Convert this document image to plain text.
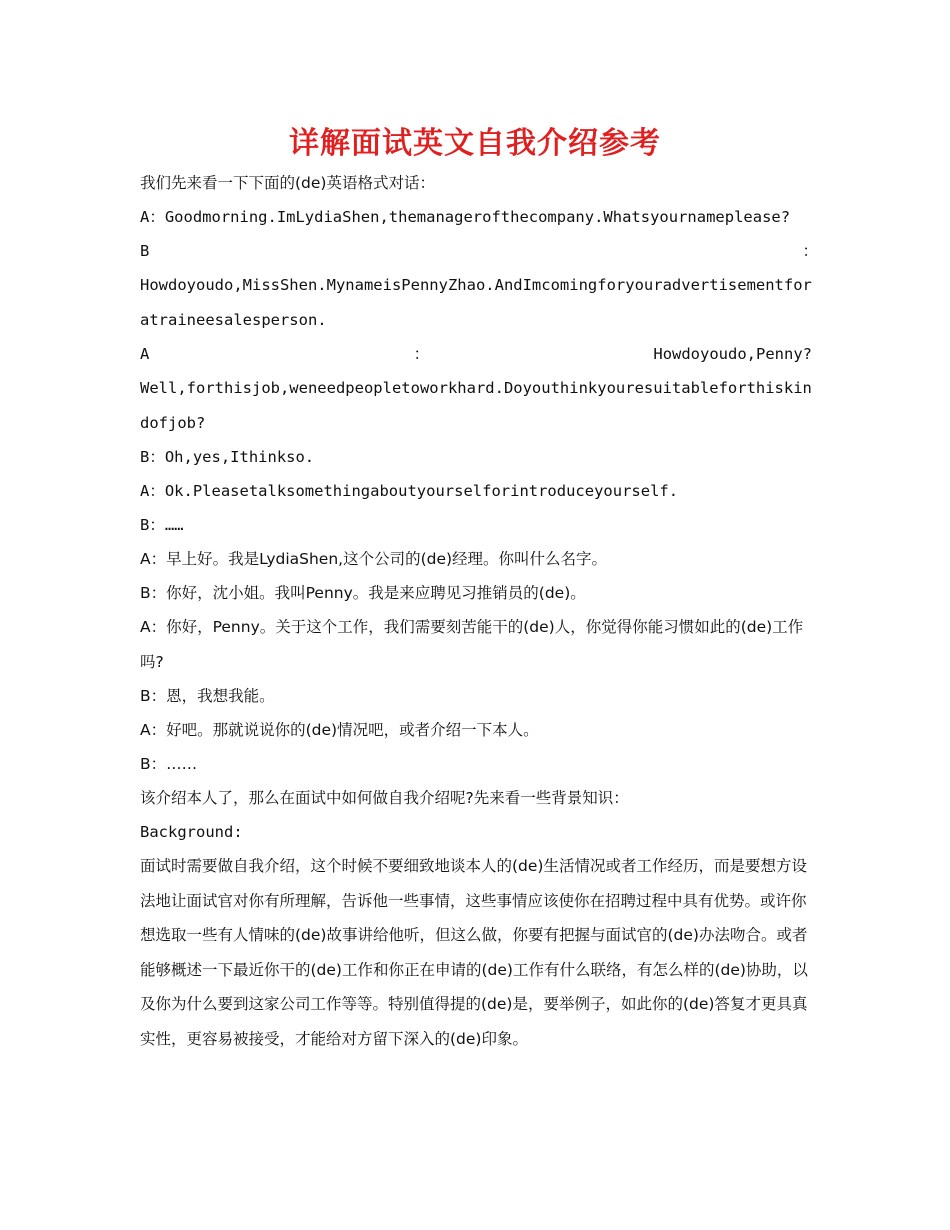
详解面试英文自我介绍参考

我们先来看一下下面的(de)英语格式对话：

A：Goodmorning.ImLydiaShen,themanagerofthecompany.Whatsyournameplease?

B	：

Howdoyoudo,MissShen.MynameisPennyZhao.AndImcomingforyouradvertisementforatraineesalesperson.

A	：	Howdoyoudo,Penny?

Well,forthisjob,weneedpeopletoworkhard.Doyouthinkyouresuitableforthiskindofjob?

B：Oh,yes,Ithinkso.

A：Ok.Pleasetalksomethingaboutyourselforintroduceyourself.

B：……

A：早上好。我是LydiaShen,这个公司的(de)经理。你叫什么名字。

B：你好，沈小姐。我叫Penny。我是来应聘见习推销员的(de)。

A：你好，Penny。关于这个工作，我们需要刻苦能干的(de)人，你觉得你能习惯如此的(de)工作吗?

B：恩，我想我能。

A：好吧。那就说说你的(de)情况吧，或者介绍一下本人。

B：……

该介绍本人了，那么在面试中如何做自我介绍呢?先来看一些背景知识：

Background:

面试时需要做自我介绍，这个时候不要细致地谈本人的(de)生活情况或者工作经历，而是要想方设法地让面试官对你有所理解，告诉他一些事情，这些事情应该使你在招聘过程中具有优势。或许你想选取一些有人情味的(de)故事讲给他听，但这么做，你要有把握与面试官的(de)办法吻合。或者能够概述一下最近你干的(de)工作和你正在申请的(de)工作有什么联络，有怎么样的(de)协助，以及你为什么要到这家公司工作等等。特别值得提的(de)是，要举例子，如此你的(de)答复才更具真实性，更容易被接受，才能给对方留下深入的(de)印象。
